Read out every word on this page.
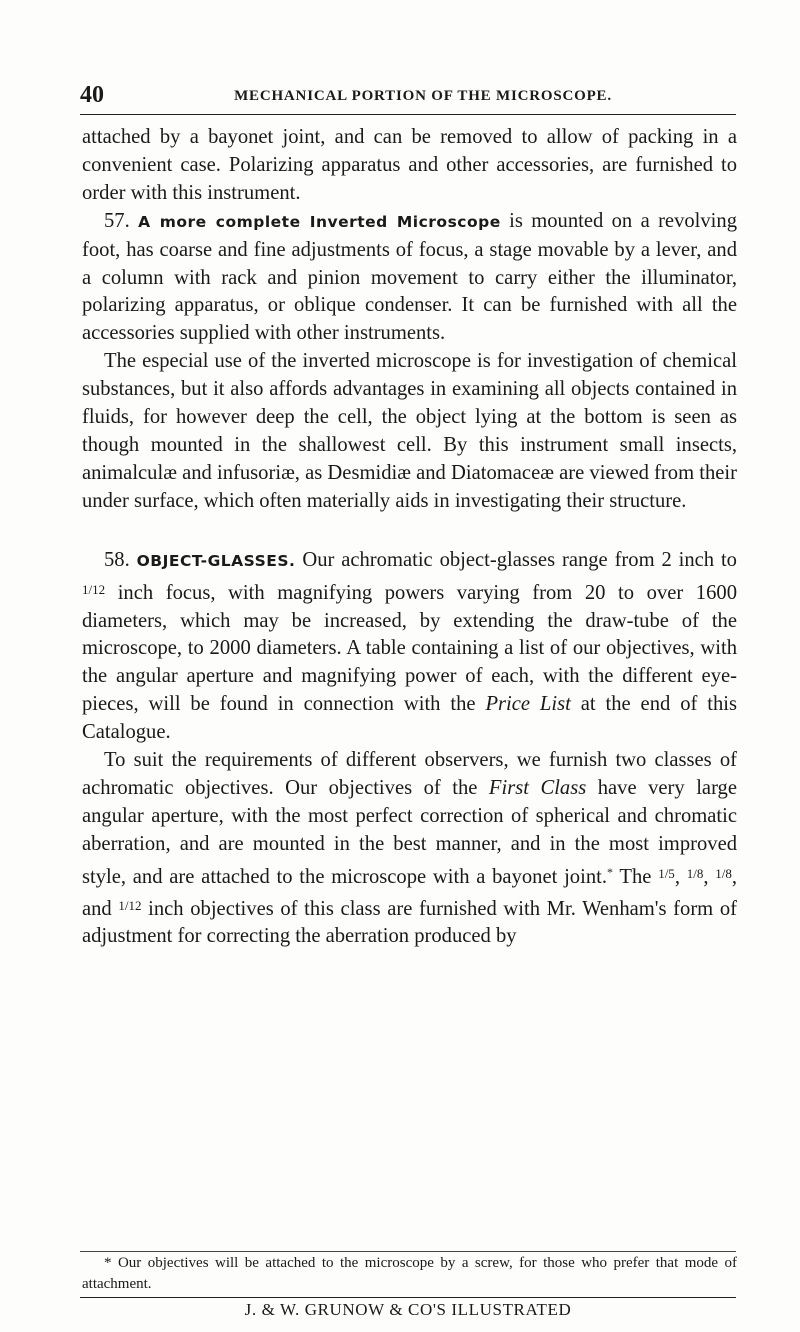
40	MECHANICAL PORTION OF THE MICROSCOPE.

attached by a bayonet joint, and can be removed to allow of packing in a convenient case. Polarizing apparatus and other accessories, are furnished to order with this instrument.

57. A more complete Inverted Microscope is mounted on a revolving foot, has coarse and fine adjustments of focus, a stage movable by a lever, and a column with rack and pinion movement to carry either the illuminator, polarizing apparatus, or oblique condenser. It can be furnished with all the accessories supplied with other instruments.

The especial use of the inverted microscope is for investigation of chemical substances, but it also affords advantages in examining all objects contained in fluids, for however deep the cell, the object lying at the bottom is seen as though mounted in the shallowest cell. By this instrument small insects, animalculæ and infusoriæ, as Desmidiæ and Diatomaceæ are viewed from their under surface, which often materially aids in investigating their structure.

58. OBJECT-GLASSES. Our achromatic object-glasses range from 2 inch to $^{1/12}$ inch focus, with magnifying powers varying from 20 to over 1600 diameters, which may be increased, by extending the draw-tube of the microscope, to 2000 diameters. A table containing a list of our objectives, with the angular aperture and magnifying power of each, with the different eye-pieces, will be found in connection with the Price List at the end of this Catalogue.

To suit the requirements of different observers, we furnish two classes of achromatic objectives. Our objectives of the First Class have very large angular aperture, with the most perfect correction of spherical and chromatic aberration, and are mounted in the best manner, and in the most improved style, and are attached to the microscope with a bayonet joint.* The $^{1/5}$, $^{1/8}$, $^{1/8}$, and $^{1/12}$ inch objectives of this class are furnished with Mr. Wenham's form of adjustment for correcting the aberration produced by

* Our objectives will be attached to the microscope by a screw, for those who prefer that mode of attachment.

J. & W. GRUNOW & CO'S ILLUSTRATED
